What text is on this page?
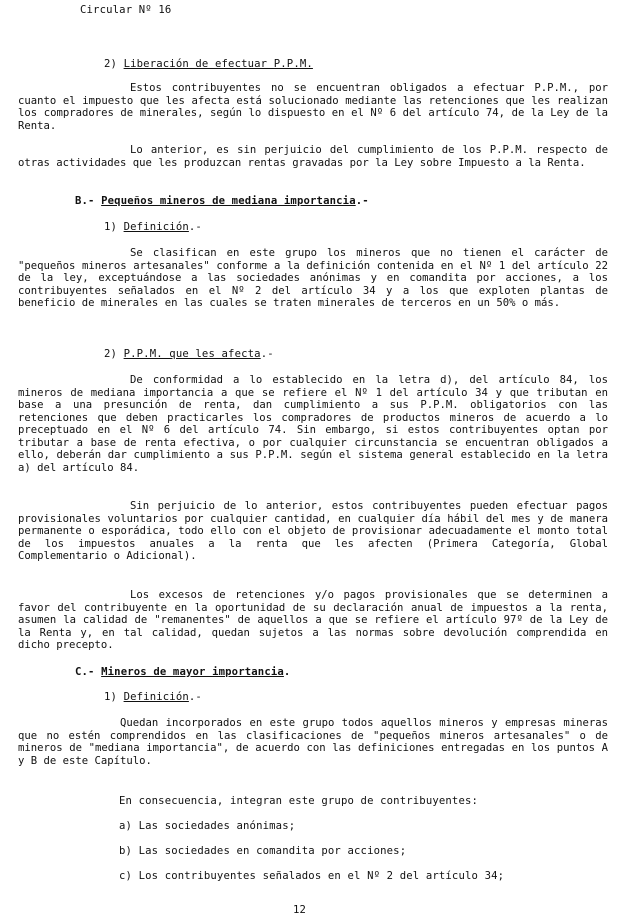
Circular Nº 16
2) Liberación de efectuar P.P.M.

Estos contribuyentes no se encuentran obligados a efectuar P.P.M., por cuanto el impuesto que les afecta está solucionado mediante las retenciones que les realizan los compradores de minerales, según lo dispuesto en el Nº 6 del artículo 74, de la Ley de la Renta.

Lo anterior, es sin perjuicio del cumplimiento de los P.P.M. respecto de otras actividades que les produzcan rentas gravadas por la Ley sobre Impuesto a la Renta.

B.- Pequeños mineros de mediana importancia.-
1) Definición.-

Se clasifican en este grupo los mineros que no tienen el carácter de "pequeños mineros artesanales" conforme a la definición contenida en el Nº 1 del artículo 22 de la ley, exceptuándose a las sociedades anónimas y en comandita por acciones, a los contribuyentes señalados en el Nº 2 del artículo 34 y a los que exploten plantas de beneficio de minerales en las cuales se traten minerales de terceros en un 50% o más.

2) P.P.M. que les afecta.-

De conformidad a lo establecido en la letra d), del artículo 84, los mineros de mediana importancia a que se refiere el Nº 1 del artículo 34 y que tributan en base a una presunción de renta, dan cumplimiento a sus P.P.M. obligatorios con las retenciones que deben practicarles los compradores de productos mineros de acuerdo a lo preceptuado en el Nº 6 del artículo 74. Sin embargo, si estos contribuyentes optan por tributar a base de renta efectiva, o por cualquier circunstancia se encuentran obligados a ello, deberán dar cumplimiento a sus P.P.M. según el sistema general establecido en la letra a) del artículo 84.

Sin perjuicio de lo anterior, estos contribuyentes pueden efectuar pagos provisionales voluntarios por cualquier cantidad, en cualquier día hábil del mes y de manera permanente o esporádica, todo ello con el objeto de provisionar adecuadamente el monto total de los impuestos anuales a la renta que les afecten (Primera Categoría, Global Complementario o Adicional).

Los excesos de retenciones y/o pagos provisionales que se determinen a favor del contribuyente en la oportunidad de su declaración anual de impuestos a la renta, asumen la calidad de "remanentes" de aquellos a que se refiere el artículo 97º de la Ley de la Renta y, en tal calidad, quedan sujetos a las normas sobre devolución comprendida en dicho precepto.

C.- Mineros de mayor importancia.
1) Definición.-

Quedan incorporados en este grupo todos aquellos mineros y empresas mineras que no estén comprendidos en las clasificaciones de "pequeños mineros artesanales" o de mineros de "mediana importancia", de acuerdo con las definiciones entregadas en los puntos A y B de este Capítulo.

En consecuencia, integran este grupo de contribuyentes:
a) Las sociedades anónimas;
b) Las sociedades en comandita por acciones;
c) Los contribuyentes señalados en el Nº 2 del artículo 34;
12
